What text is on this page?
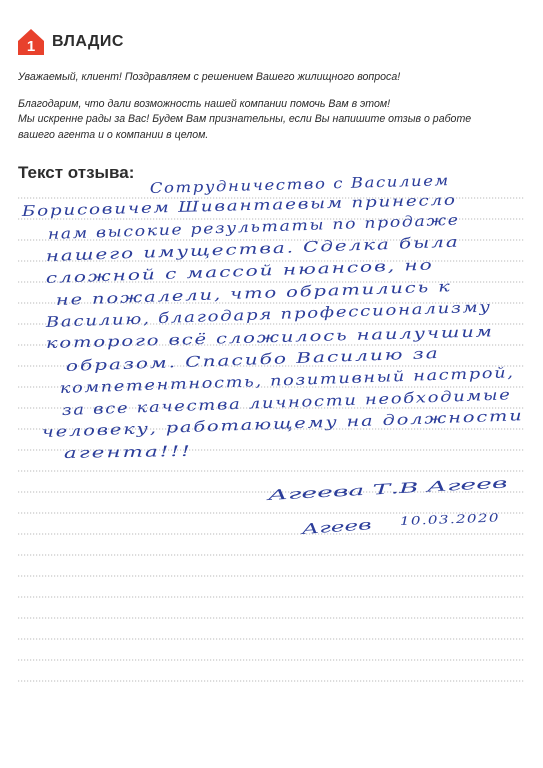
1 ВЛАДИС

Уважаемый, клиент! Поздравляем с решением Вашего жилищного вопроса!

Благодарим, что дали возможность нашей компании помочь Вам в этом!

Мы искренне рады за Вас! Будем Вам признательны, если Вы напишите отзыв о работе

вашего агента и о компании в целом.

Текст отзыва:
Сотрудничество с Василием
Борисовичем Шивантаевым принесло
нам высокие результаты по продаже
нашего имущества. Сделка была
сложной с массой нюансов, но
не пожалели, что обратились к
Василию, благодаря профессионализму
которого всё сложилось наилучшим
образом. Спасибо Василию за
компетентность, позитивный настрой,
за все качества личности необходимые
человеку, работающему на должности
агента!!!
Агеева Т.В Агеев
Агеев	10.03.2020
